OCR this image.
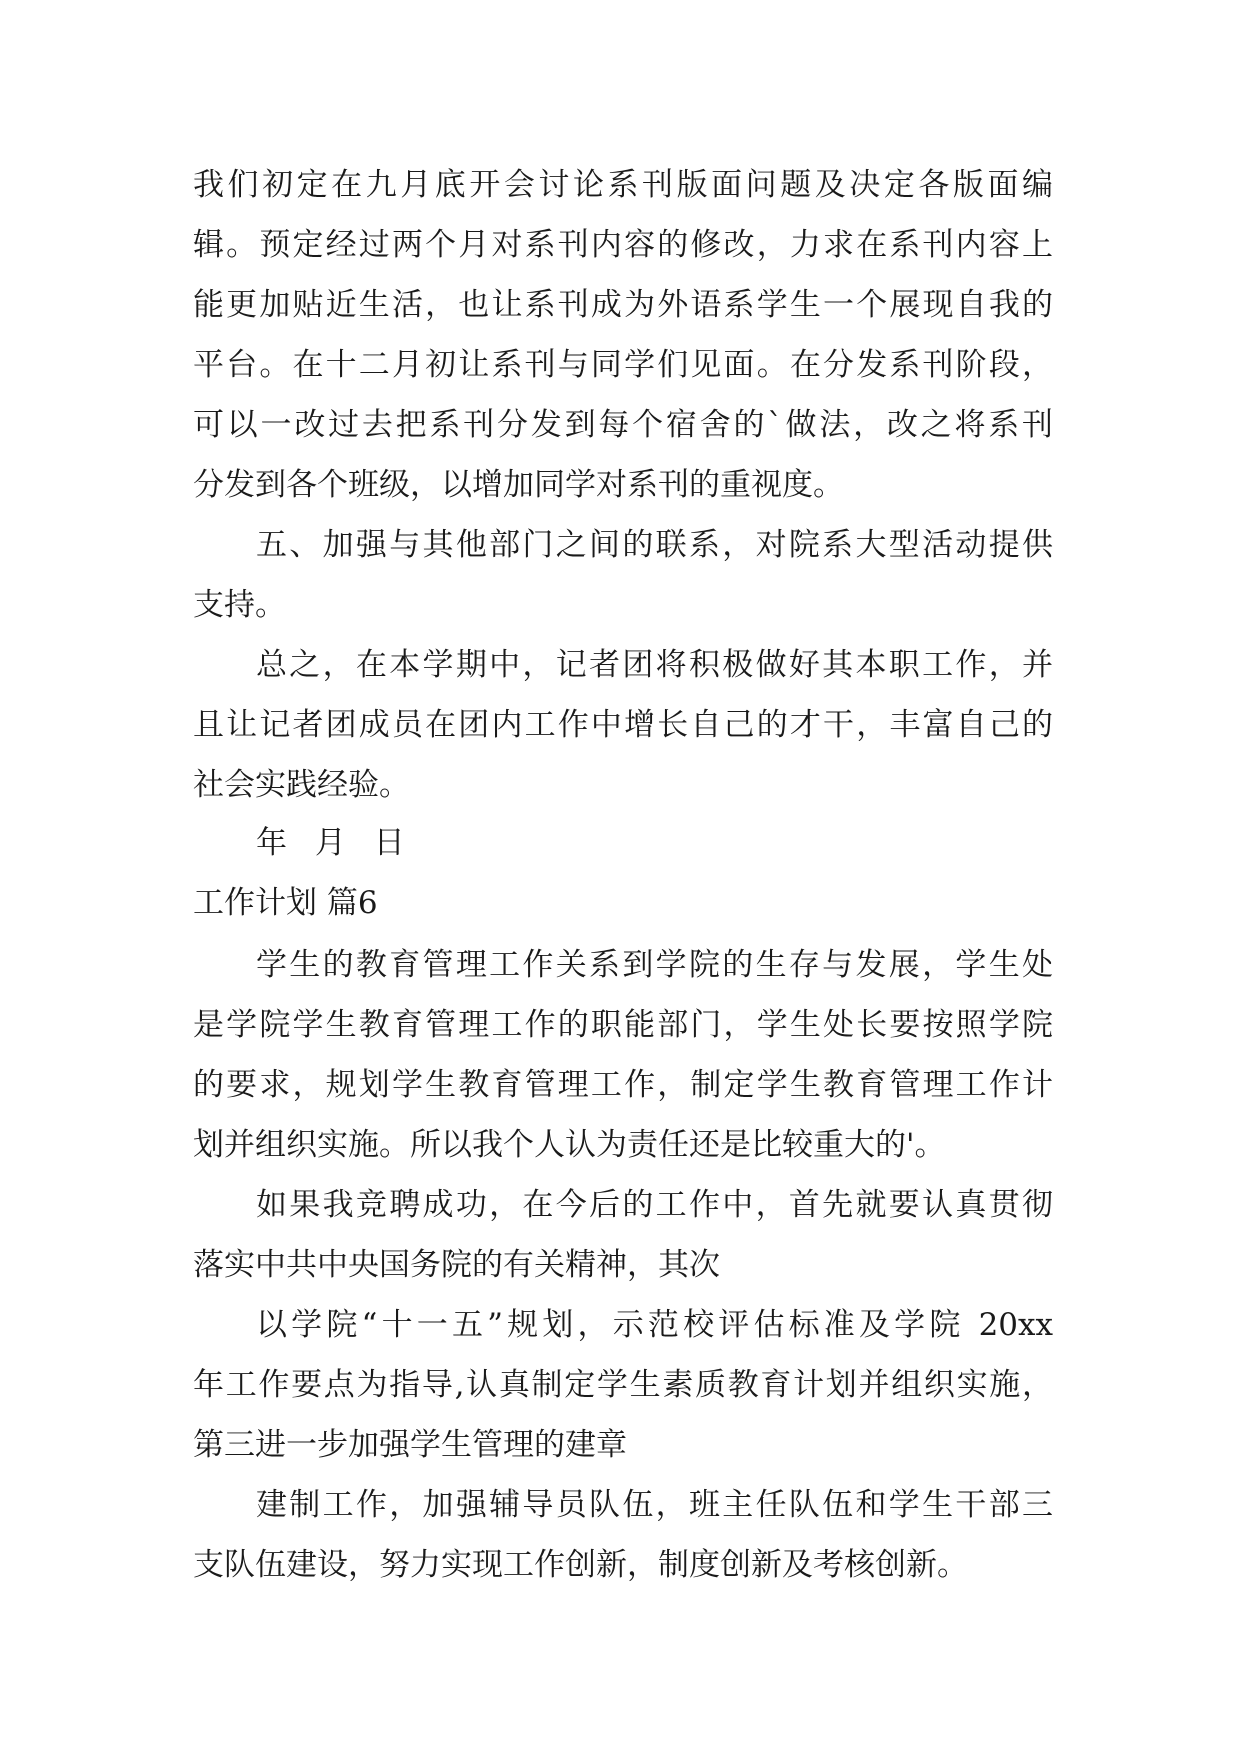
我们初定在九月底开会讨论系刊版面问题及决定各版面编
辑。预定经过两个月对系刊内容的修改，力求在系刊内容上
能更加贴近生活，也让系刊成为外语系学生一个展现自我的
平台。在十二月初让系刊与同学们见面。在分发系刊阶段，
可以一改过去把系刊分发到每个宿舍的`做法，改之将系刊
分发到各个班级，以增加同学对系刊的重视度。
五、加强与其他部门之间的联系，对院系大型活动提供
支持。
总之，在本学期中，记者团将积极做好其本职工作，并
且让记者团成员在团内工作中增长自己的才干，丰富自己的
社会实践经验。
年 月 日
工作计划 篇6
学生的教育管理工作关系到学院的生存与发展，学生处
是学院学生教育管理工作的职能部门，学生处长要按照学院
的要求，规划学生教育管理工作，制定学生教育管理工作计
划并组织实施。所以我个人认为责任还是比较重大的'。
如果我竞聘成功，在今后的工作中，首先就要认真贯彻
落实中共中央国务院的有关精神，其次
以学院“十一五”规划，示范校评估标准及学院 20xx
年工作要点为指导,认真制定学生素质教育计划并组织实施，
第三进一步加强学生管理的建章
建制工作，加强辅导员队伍，班主任队伍和学生干部三
支队伍建设，努力实现工作创新，制度创新及考核创新。
